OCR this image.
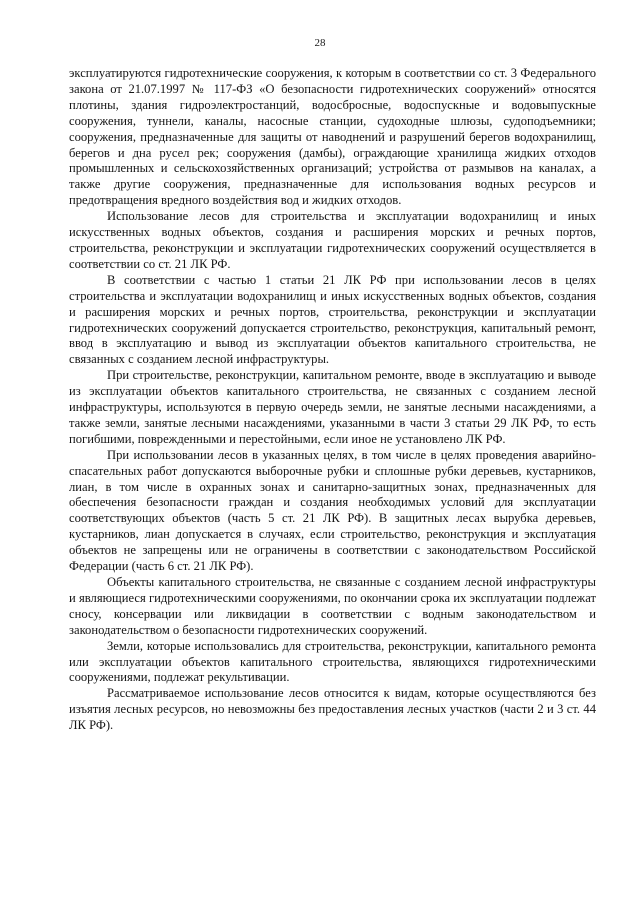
28

эксплуатируются гидротехнические сооружения, к которым в соответствии со ст. 3 Федерального закона от 21.07.1997 № 117-ФЗ «О безопасности гидротехнических сооружений» относятся плотины, здания гидроэлектростанций, водосбросные, водоспускные и водовыпускные сооружения, туннели, каналы, насосные станции, судоходные шлюзы, судоподъемники; сооружения, предназначенные для защиты от наводнений и разрушений берегов водохранилищ, берегов и дна русел рек; сооружения (дамбы), ограждающие хранилища жидких отходов промышленных и сельскохозяйственных организаций; устройства от размывов на каналах, а также другие сооружения, предназначенные для использования водных ресурсов и предотвращения вредного воздействия вод и жидких отходов.

Использование лесов для строительства и эксплуатации водохранилищ и иных искусственных водных объектов, создания и расширения морских и речных портов, строительства, реконструкции и эксплуатации гидротехнических сооружений осуществляется в соответствии со ст. 21 ЛК РФ.

В соответствии с частью 1 статьи 21 ЛК РФ при использовании лесов в целях строительства и эксплуатации водохранилищ и иных искусственных водных объектов, создания и расширения морских и речных портов, строительства, реконструкции и эксплуатации гидротехнических сооружений допускается строительство, реконструкция, капитальный ремонт, ввод в эксплуатацию и вывод из эксплуатации объектов капитального строительства, не связанных с созданием лесной инфраструктуры.

При строительстве, реконструкции, капитальном ремонте, вводе в эксплуатацию и выводе из эксплуатации объектов капитального строительства, не связанных с созданием лесной инфраструктуры, используются в первую очередь земли, не занятые лесными насаждениями, а также земли, занятые лесными насаждениями, указанными в части 3 статьи 29 ЛК РФ, то есть погибшими, поврежденными и перестойными, если иное не установлено ЛК РФ.

При использовании лесов в указанных целях, в том числе в целях проведения аварийно-спасательных работ допускаются выборочные рубки и сплошные рубки деревьев, кустарников, лиан, в том числе в охранных зонах и санитарно-защитных зонах, предназначенных для обеспечения безопасности граждан и создания необходимых условий для эксплуатации соответствующих объектов (часть 5 ст. 21 ЛК РФ). В защитных лесах вырубка деревьев, кустарников, лиан допускается в случаях, если строительство, реконструкция и эксплуатация объектов не запрещены или не ограничены в соответствии с законодательством Российской Федерации (часть 6 ст. 21 ЛК РФ).

Объекты капитального строительства, не связанные с созданием лесной инфраструктуры и являющиеся гидротехническими сооружениями, по окончании срока их эксплуатации подлежат сносу, консервации или ликвидации в соответствии с водным законодательством и законодательством о безопасности гидротехнических сооружений.

Земли, которые использовались для строительства, реконструкции, капитального ремонта или эксплуатации объектов капитального строительства, являющихся гидротехническими сооружениями, подлежат рекультивации.

Рассматриваемое использование лесов относится к видам, которые осуществляются без изъятия лесных ресурсов, но невозможны без предоставления лесных участков (части 2 и 3 ст. 44 ЛК РФ).
